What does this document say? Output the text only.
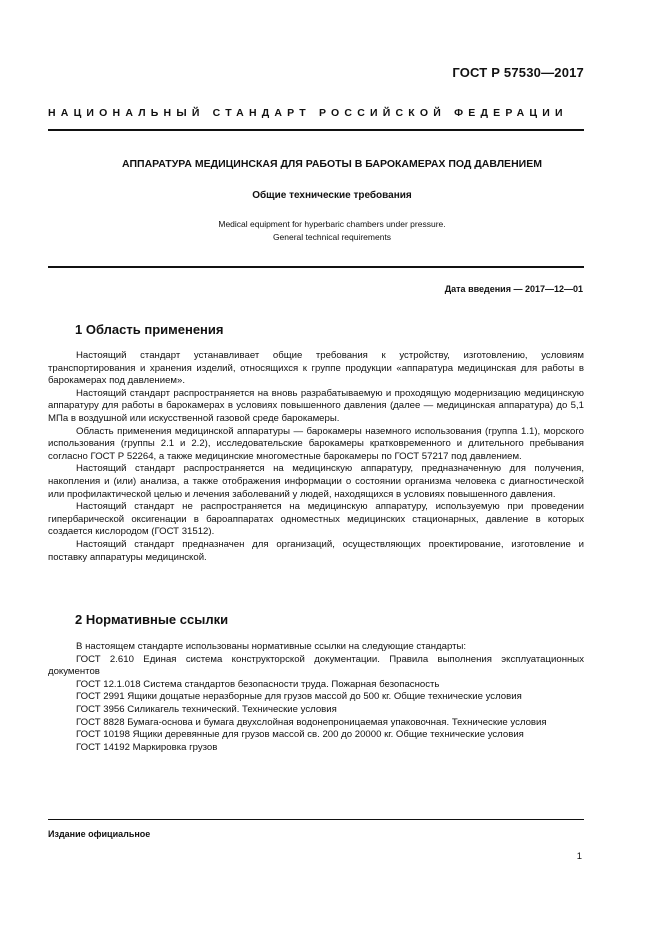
ГОСТ Р 57530—2017
НАЦИОНАЛЬНЫЙ СТАНДАРТ РОССИЙСКОЙ ФЕДЕРАЦИИ
АППАРАТУРА МЕДИЦИНСКАЯ ДЛЯ РАБОТЫ В БАРОКАМЕРАХ ПОД ДАВЛЕНИЕМ
Общие технические требования
Medical equipment for hyperbaric chambers under pressure.
General technical requirements
Дата введения — 2017—12—01
1 Область применения

Настоящий стандарт устанавливает общие требования к устройству, изготовлению, условиям транспортирования и хранения изделий, относящихся к группе продукции «аппаратура медицинская для работы в барокамерах под давлением».

Настоящий стандарт распространяется на вновь разрабатываемую и проходящую модернизацию медицинскую аппаратуру для работы в барокамерах в условиях повышенного давления (далее — медицинская аппаратура) до 5,1 МПа в воздушной или искусственной газовой среде барокамеры.

Область применения медицинской аппаратуры — барокамеры наземного использования (группа 1.1), морского использования (группы 2.1 и 2.2), исследовательские барокамеры кратковременного и длительного пребывания согласно ГОСТ Р 52264, а также медицинские многоместные барокамеры по ГОСТ 57217 под давлением.

Настоящий стандарт распространяется на медицинскую аппаратуру, предназначенную для получения, накопления и (или) анализа, а также отображения информации о состоянии организма человека с диагностической или профилактической целью и лечения заболеваний у людей, находящихся в условиях повышенного давления.

Настоящий стандарт не распространяется на медицинскую аппаратуру, используемую при проведении гипербарической оксигенации в бароаппаратах одноместных медицинских стационарных, давление в которых создается кислородом (ГОСТ 31512).

Настоящий стандарт предназначен для организаций, осуществляющих проектирование, изготовление и поставку аппаратуры медицинской.

2 Нормативные ссылки

В настоящем стандарте использованы нормативные ссылки на следующие стандарты:

ГОСТ 2.610 Единая система конструкторской документации. Правила выполнения эксплуатационных документов

ГОСТ 12.1.018 Система стандартов безопасности труда. Пожарная безопасность

ГОСТ 2991 Ящики дощатые неразборные для грузов массой до 500 кг. Общие технические условия

ГОСТ 3956 Силикагель технический. Технические условия

ГОСТ 8828 Бумага-основа и бумага двухслойная водонепроницаемая упаковочная. Технические условия

ГОСТ 10198 Ящики деревянные для грузов массой св. 200 до 20000 кг. Общие технические условия

ГОСТ 14192 Маркировка грузов

Издание официальное
1
